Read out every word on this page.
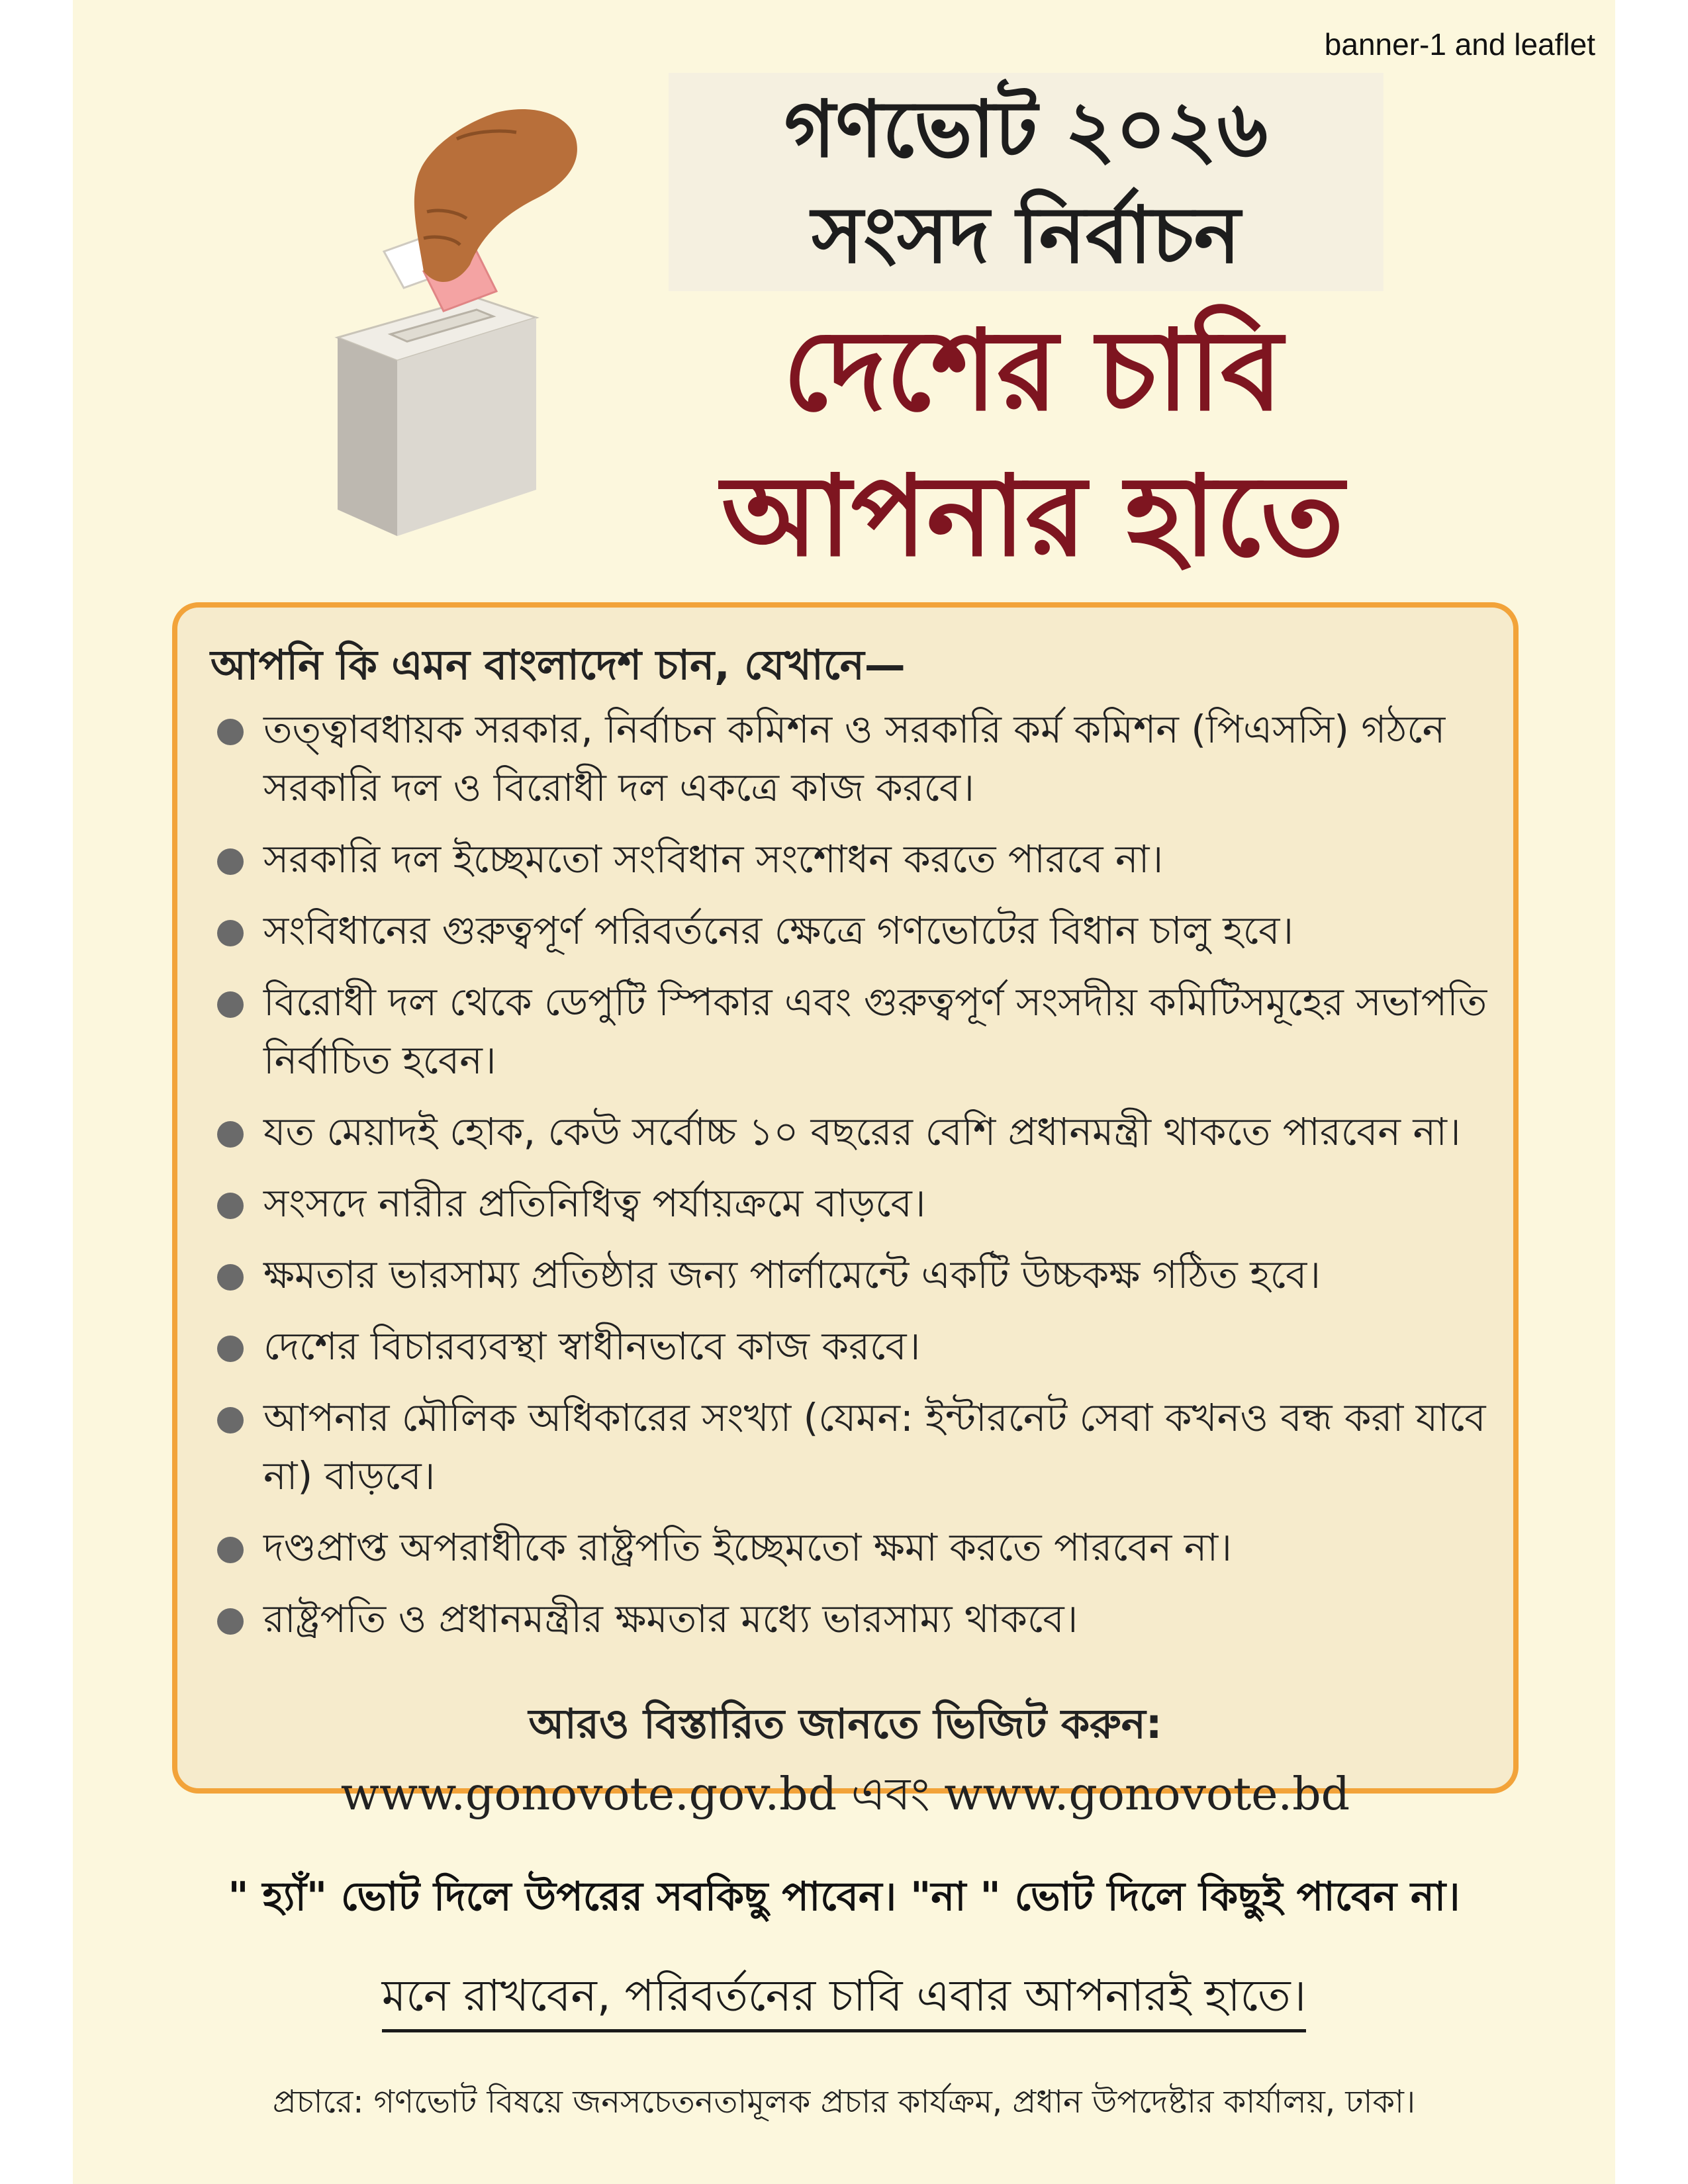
banner-1 and leaflet
গণভোট ২০২৬
সংসদ নির্বাচন
দেশের চাবি
আপনার হাতে
আপনি কি এমন বাংলাদেশ চান, যেখানে—
তত্ত্বাবধায়ক সরকার, নির্বাচন কমিশন ও সরকারি কর্ম কমিশন (পিএসসি) গঠনে সরকারি দল ও বিরোধী দল একত্রে কাজ করবে।
সরকারি দল ইচ্ছেমতো সংবিধান সংশোধন করতে পারবে না।
সংবিধানের গুরুত্বপূর্ণ পরিবর্তনের ক্ষেত্রে গণভোটের বিধান চালু হবে।
বিরোধী দল থেকে ডেপুটি স্পিকার এবং গুরুত্বপূর্ণ সংসদীয় কমিটিসমূহের সভাপতি নির্বাচিত হবেন।
যত মেয়াদই হোক, কেউ সর্বোচ্চ ১০ বছরের বেশি প্রধানমন্ত্রী থাকতে পারবেন না।
সংসদে নারীর প্রতিনিধিত্ব পর্যায়ক্রমে বাড়বে।
ক্ষমতার ভারসাম্য প্রতিষ্ঠার জন্য পার্লামেন্টে একটি উচ্চকক্ষ গঠিত হবে।
দেশের বিচারব্যবস্থা স্বাধীনভাবে কাজ করবে।
আপনার মৌলিক অধিকারের সংখ্যা (যেমন: ইন্টারনেট সেবা কখনও বন্ধ করা যাবে না) বাড়বে।
দণ্ডপ্রাপ্ত অপরাধীকে রাষ্ট্রপতি ইচ্ছেমতো ক্ষমা করতে পারবেন না।
রাষ্ট্রপতি ও প্রধানমন্ত্রীর ক্ষমতার মধ্যে ভারসাম্য থাকবে।
আরও বিস্তারিত জানতে ভিজিট করুন:
www.gonovote.gov.bd এবং www.gonovote.bd
" হ্যাঁ" ভোট দিলে উপরের সবকিছু পাবেন। "না " ভোট দিলে কিছুই পাবেন না।
মনে রাখবেন, পরিবর্তনের চাবি এবার আপনারই হাতে।
প্রচারে: গণভোট বিষয়ে জনসচেতনতামূলক প্রচার কার্যক্রম, প্রধান উপদেষ্টার কার্যালয়, ঢাকা।
